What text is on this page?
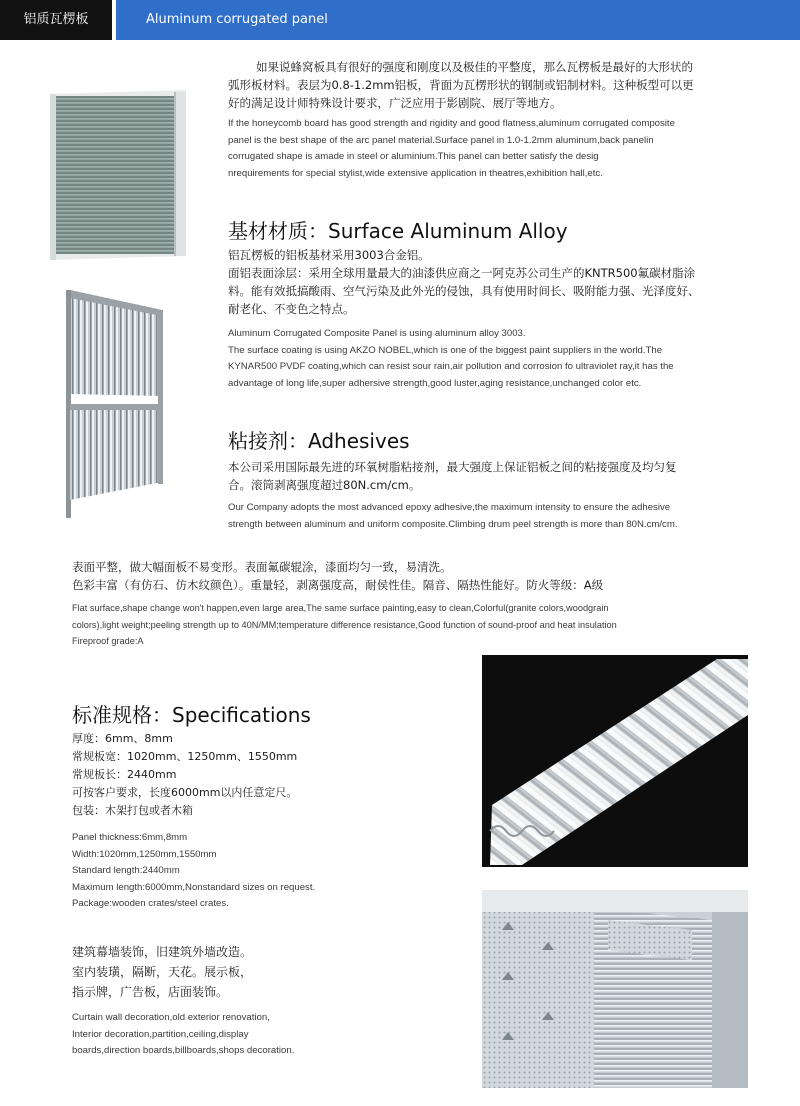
铝质瓦楞板	Aluminum corrugated panel

如果说蜂窝板具有很好的强度和刚度以及极佳的平整度，那么瓦楞板是最好的大形状的

弧形板材料。表层为0.8-1.2mm铝板，背面为瓦楞形状的钢制或铝制材料。这种板型可以更

好的满足设计师特殊设计要求，广泛应用于影剧院、展厅等地方。

If the honeycomb board has good strength and rigidity and good flatness,aluminum corrugated composite

panel is the best shape of the arc panel material.Surface panel in 1.0-1.2mm aluminum,back panelin

corrugated shape is amade in steel or aluminium.This panel can better satisfy the desig

nrequirements for special stylist,wide extensive application in theatres,exhibition hall,etc.

基材材质：Surface Aluminum Alloy

铝瓦楞板的铝板基材采用3003合金铝。

面铝表面涂层：采用全球用量最大的油漆供应商之一阿克苏公司生产的KNTR500氟碳材脂涂

料。能有效抵搞酸雨、空气污染及此外光的侵蚀，具有使用时间长、吸附能力强、光泽度好、

耐老化、不变色之特点。

Aluminum Corrugated Composite Panel is using aluminum alloy 3003.

The surface coating is using AKZO NOBEL,which is one of the biggest paint suppliers in the world.The

KYNAR500 PVDF coating,which can resist sour rain,air pollution and corrosion fo ultraviolet ray,it has the

advantage of long life,super adhersive strength,good luster,aging resistance,unchanged color etc.

粘接剂：Adhesives

本公司采用国际最先进的环氧树脂粘接剂，最大强度上保证铝板之间的粘接强度及均匀复

合。滚筒剥离强度超过80N.cm/cm。

Our Company adopts the most advanced epoxy adhesive,the maximum intensity to ensure the adhesive

strength between aluminum and uniform composite.Climbing drum peel strength is more than 80N.cm/cm.

表面平整，做大幅面板不易变形。表面氟碳辊涂，漆面均匀一致，易清洗。

色彩丰富（有仿石、仿木纹颜色）。重量轻，剥离强度高，耐侯性佳。隔音、隔热性能好。防火等级：A级

Flat surface,shape change won't happen,even large area,The same surface painting,easy to clean,Colorful(granite colors,woodgrain

colors),light weight;peeling strength up to 40N/MM;temperature difference resistance,Good function of sound-proof and heat insulation

Fireproof grade:A

标准规格：Specifications

厚度：6mm、8mm

常规板宽：1020mm、1250mm、1550mm

常规板长：2440mm

可按客户要求，长度6000mm以内任意定尺。

包装：木架打包或者木箱

Panel thickness:6mm,8mm

Width:1020mm,1250mm,1550mm

Standard length:2440mm

Maximum length:6000mm,Nonstandard sizes on request.

Package:wooden crates/steel crates.

建筑幕墙装饰，旧建筑外墙改造。

室内装璜，隔断，天花。展示板，

指示牌，广告板，店面装饰。

Curtain wall decoration,old exterior renovation,

Interior decoration,partition,ceiling,display

boards,direction boards,billboards,shops decoration.
